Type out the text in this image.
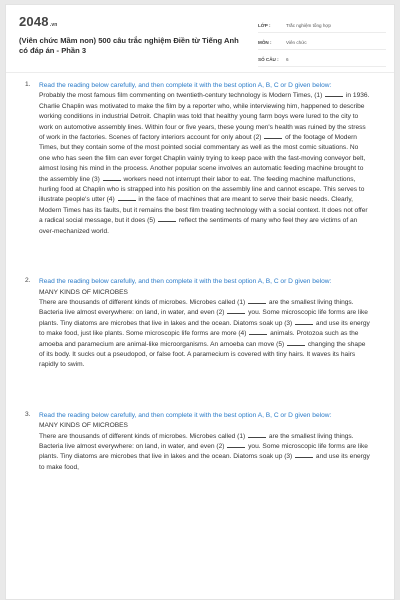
2048.vn
(Viên chức Mầm non) 500 câu trắc nghiệm Điền từ Tiếng Anh có đáp án - Phần 3
LỚP :	Trắc nghiệm tổng hợp
MÔN :	Viên chức
SỐ CÂU :	6
1. Read the reading below carefully, and then complete it with the best option A, B, C or D given below:
Probably the most famous film commenting on twentieth-century technology is Modern Times, (1)	in 1936. Charlie Chaplin was motivated to make the film by a reporter who, while interviewing him, happened to describe working conditions in industrial Detroit. Chaplin was told that healthy young farm boys were lured to the city to work on automotive assembly lines. Within four or five years, these young men's health was ruined by the stress of work in the factories. Scenes of factory interiors account for only about (2)	of the footage of Modern Times, but they contain some of the most pointed social commentary as well as the most comic situations. No one who has seen the film can ever forget Chaplin vainly trying to keep pace with the fast-moving conveyor belt, almost losing his mind in the process. Another popular scene involves an automatic feeding machine brought to the assembly line (3)	workers need not interrupt their labor to eat. The feeding machine malfunctions, hurling food at Chaplin who is strapped into his position on the assembly line and cannot escape. This serves to illustrate people's utter (4)	in the face of machines that are meant to serve their basic needs. Clearly, Modern Times has its faults, but it remains the best film treating technology with a social context. It does not offer a radical social message, but it does (5)	reflect the sentiments of many who feel they are victims of an over-mechanized world.
2. Read the reading below carefully, and then complete it with the best option A, B, C or D given below:
MANY KINDS OF MICROBES
There are thousands of different kinds of microbes. Microbes called (1)	are the smallest living things. Bacteria live almost everywhere: on land, in water, and even (2)	you. Some microscopic life forms are like plants. Tiny diatoms are microbes that live in lakes and the ocean. Diatoms soak up (3)	and use its energy to make food, just like plants. Some microscopic life forms are more (4)	animals. Protozoa such as the amoeba and paramecium are animal-like microorganisms. An amoeba can move (5)	changing the shape of its body. It sucks out a pseudopod, or false foot. A paramecium is covered with tiny hairs. It waves its hairs rapidly to swim.
3. Read the reading below carefully, and then complete it with the best option A, B, C or D given below:
MANY KINDS OF MICROBES
There are thousands of different kinds of microbes. Microbes called (1)	are the smallest living things. Bacteria live almost everywhere: on land, in water, and even (2)	you. Some microscopic life forms are like plants. Tiny diatoms are microbes that live in lakes and the ocean. Diatoms soak up (3)	and use its energy to make food,
